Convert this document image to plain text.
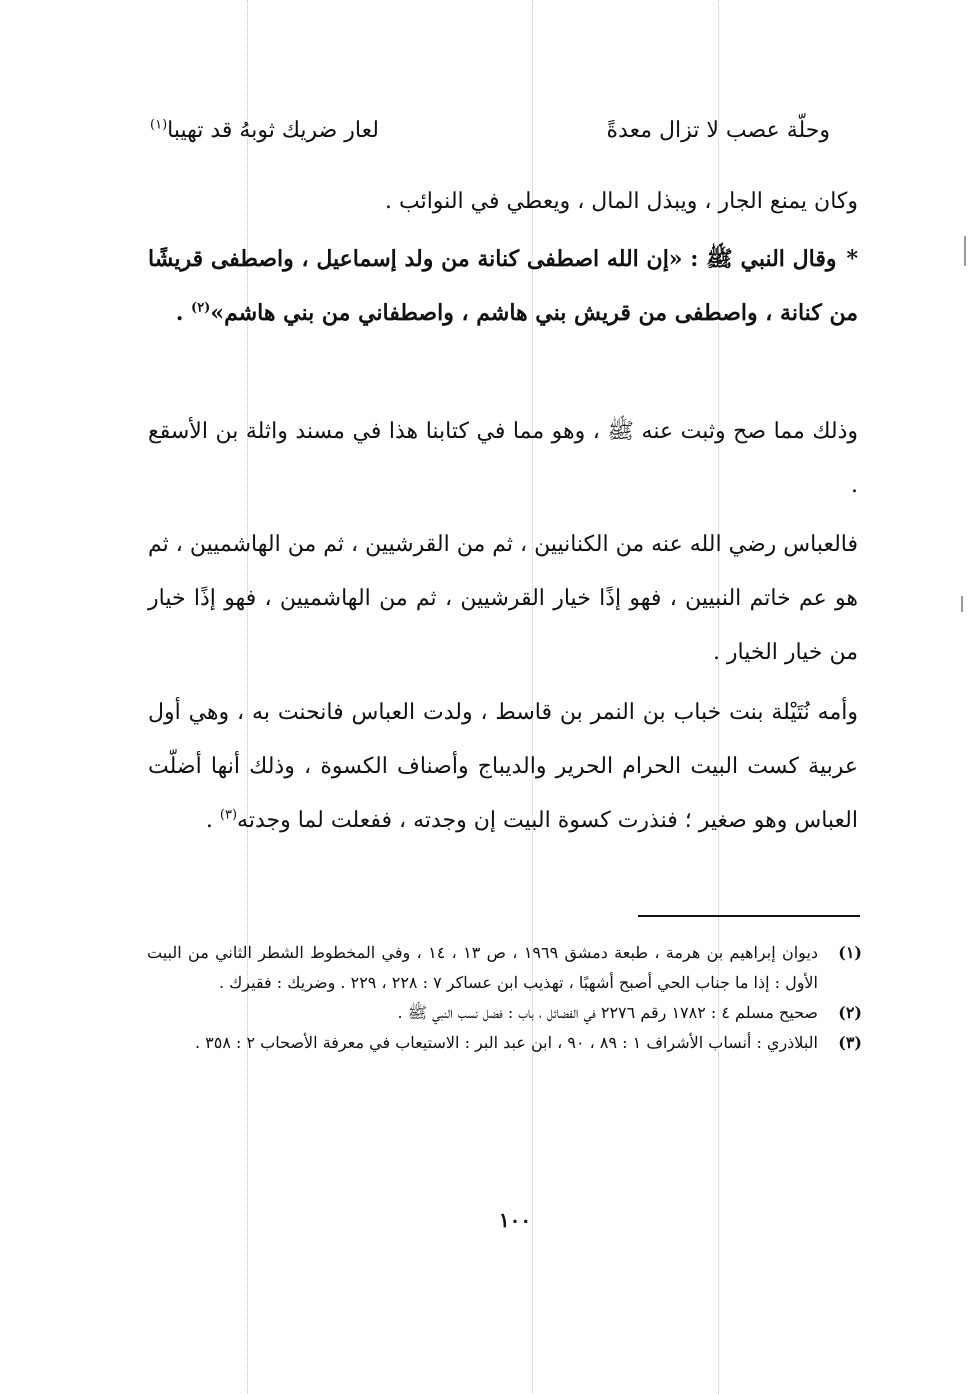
وحلّة عصب لا تزال معدةً
لعار ضريك ثوبهُ قد تهيبا$^{(١)}$
وكان يمنع الجار ، ويبذل المال ، ويعطي في النوائب .
*وقال النبي ﷺ : «إن الله اصطفى كنانة من ولد إسماعيل ، واصطفى قريشًا من كنانة ، واصطفى من قريش بني هاشم ، واصطفاني من بني هاشم»$^{(٢)}$ .
وذلك مما صح وثبت عنه ﷺ ، وهو مما في كتابنا هذا في مسند واثلة بن الأسقع .
فالعباس رضي الله عنه من الكنانيين ، ثم من القرشيين ، ثم من الهاشميين ، ثم هو عم خاتم النبيين ، فهو إذًا خيار القرشيين ، ثم من الهاشميين ، فهو إذًا خيار من خيار الخيار .
وأمه نُتَيْلة بنت خباب بن النمر بن قاسط ، ولدت العباس فانحنت به ، وهي أول عربية كست البيت الحرام الحرير والديباج وأصناف الكسوة ، وذلك أنها أضلّت العباس وهو صغير ؛ فنذرت كسوة البيت إن وجدته ، ففعلت لما وجدته$^{(٣)}$ .
(١)
ديوان إبراهيم بن هرمة ، طبعة دمشق ١٩٦٩ ، ص ١٣ ، ١٤ ، وفي المخطوط الشطر الثاني من البيت الأول : إذا ما جناب الحي أصبح أشهبًا ، تهذيب ابن عساكر ٧ : ٢٢٨ ، ٢٢٩ . وضريك : فقيرك .
(٢)
صحيح مسلم ٤ : ١٧٨٢ رقم ٢٢٧٦ في الفضائل ، باب : فضل نسب النبي ﷺ .
(٣)
البلاذري : أنساب الأشراف ١ : ٨٩ ، ٩٠ ، ابن عبد البر : الاستيعاب في معرفة الأصحاب ٢ : ٣٥٨ .
١٠٠
